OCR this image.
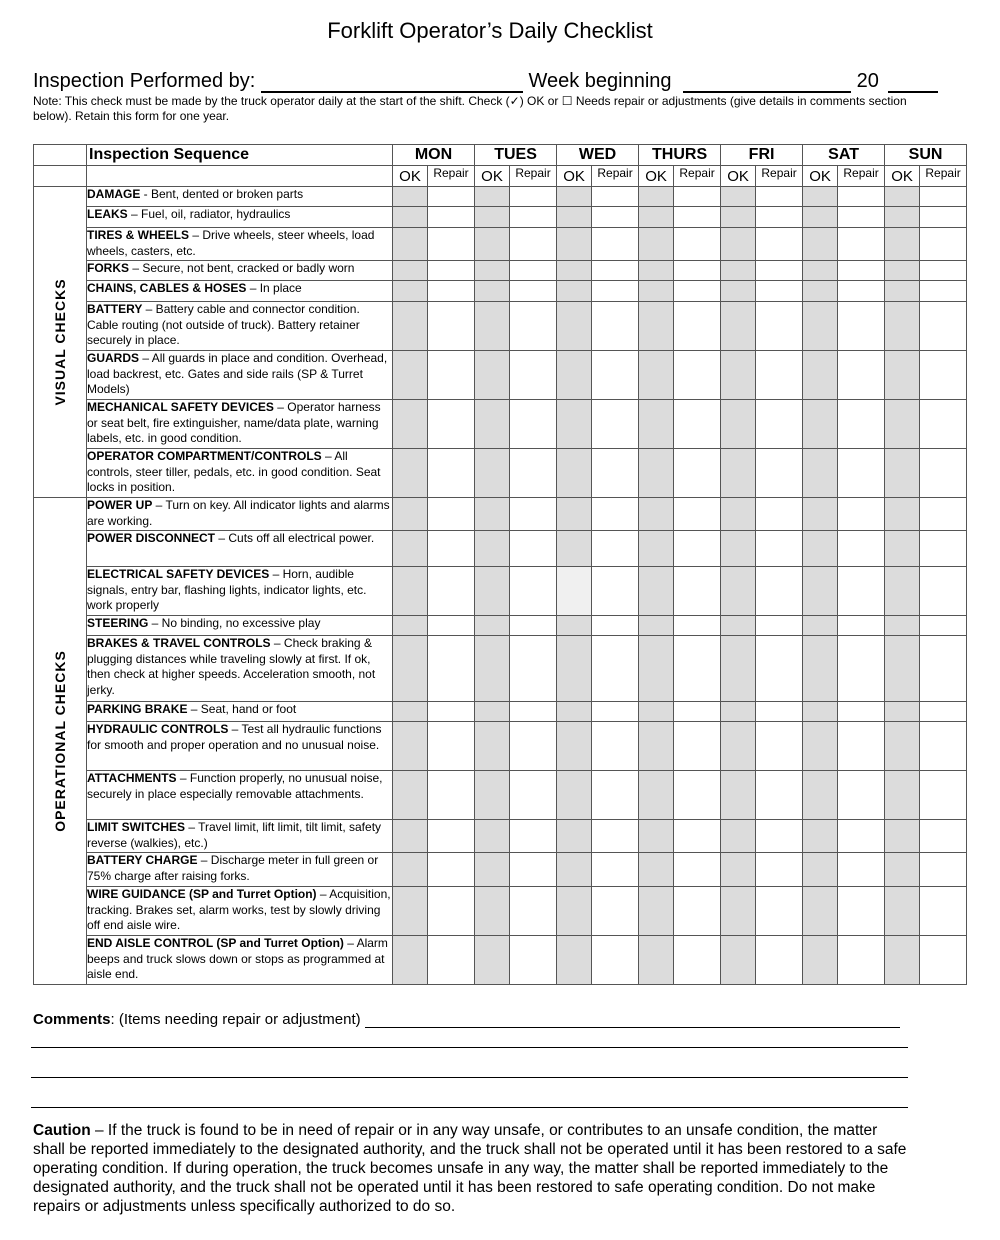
Forklift Operator’s Daily Checklist
Inspection Performed by:	Week beginning	20
Note: This check must be made by the truck operator daily at the start of the shift. Check (✓) OK or ☐ Needs repair or adjustments (give details in comments section below). Retain this form for one year.
	Inspection Sequence	MON		TUES		WED		THURS		FRI		SAT		SUN	
		OK	Repair	OK	Repair	OK	Repair	OK	Repair	OK	Repair	OK	Repair	OK	Repair

VISUAL CHECKS	DAMAGE - Bent, dented or broken parts														
	LEAKS – Fuel, oil, radiator, hydraulics														
	TIRES & WHEELS – Drive wheels, steer wheels, load wheels, casters, etc.														
	FORKS – Secure, not bent, cracked or badly worn														
	CHAINS, CABLES & HOSES – In place														
	BATTERY – Battery cable and connector condition. Cable routing (not outside of truck). Battery retainer securely in place.														
	GUARDS – All guards in place and condition. Overhead, load backrest, etc. Gates and side rails (SP & Turret Models)														
	MECHANICAL SAFETY DEVICES – Operator harness or seat belt, fire extinguisher, name/data plate, warning labels, etc. in good condition.														
	OPERATOR COMPARTMENT/CONTROLS – All controls, steer tiller, pedals, etc. in good condition. Seat locks in position.														

OPERATIONAL CHECKS	POWER UP – Turn on key. All indicator lights and alarms are working.														
	POWER DISCONNECT – Cuts off all electrical power.														
	ELECTRICAL SAFETY DEVICES – Horn, audible signals, entry bar, flashing lights, indicator lights, etc. work properly														
	STEERING – No binding, no excessive play														
	BRAKES & TRAVEL CONTROLS – Check braking & plugging distances while traveling slowly at first. If ok, then check at higher speeds. Acceleration smooth, not jerky.														
	PARKING BRAKE – Seat, hand or foot														
	HYDRAULIC CONTROLS – Test all hydraulic functions for smooth and proper operation and no unusual noise.														
	ATTACHMENTS – Function properly, no unusual noise, securely in place especially removable attachments.														
	LIMIT SWITCHES – Travel limit, lift limit, tilt limit, safety reverse (walkies), etc.)														
	BATTERY CHARGE – Discharge meter in full green or 75% charge after raising forks.														
	WIRE GUIDANCE (SP and Turret Option) – Acquisition, tracking. Brakes set, alarm works, test by slowly driving off end aisle wire.														
	END AISLE CONTROL (SP and Turret Option) – Alarm beeps and truck slows down or stops as programmed at aisle end.														
Comments: (Items needing repair or adjustment)
Caution – If the truck is found to be in need of repair or in any way unsafe, or contributes to an unsafe condition, the matter shall be reported immediately to the designated authority, and the truck shall not be operated until it has been restored to a safe operating condition. If during operation, the truck becomes unsafe in any way, the matter shall be reported immediately to the designated authority, and the truck shall not be operated until it has been restored to safe operating condition. Do not make repairs or adjustments unless specifically authorized to do so.
